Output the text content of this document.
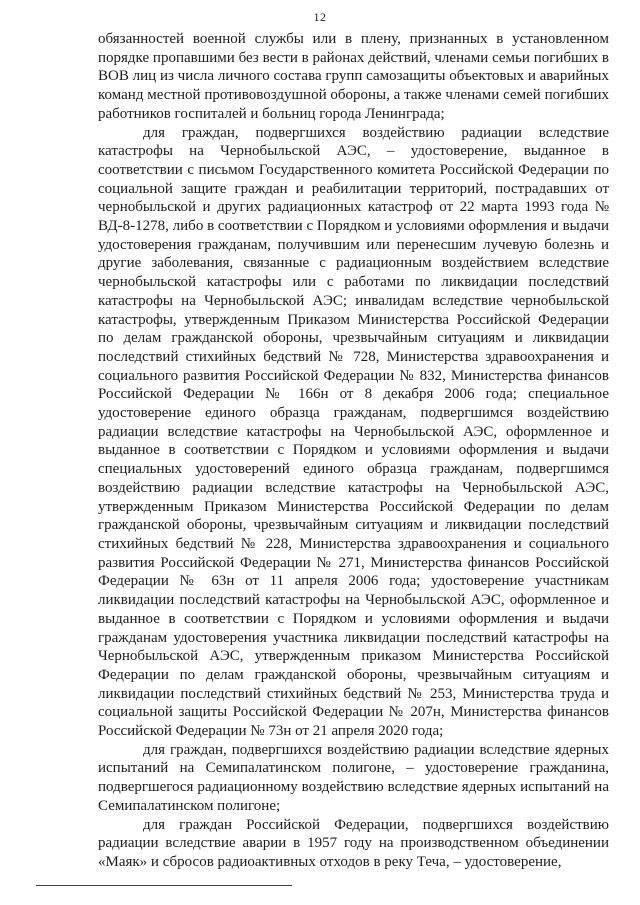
12

обязанностей военной службы или в плену, признанных в установленном порядке пропавшими без вести в районах действий, членами семьи погибших в ВОВ лиц из числа личного состава групп самозащиты объектовых и аварийных команд местной противовоздушной обороны, а также членами семей погибших работников госпиталей и больниц города Ленинграда;

для граждан, подвергшихся воздействию радиации вследствие катастрофы на Чернобыльской АЭС, – удостоверение, выданное в соответствии с письмом Государственного комитета Российской Федерации по социальной защите граждан и реабилитации территорий, пострадавших от чернобыльской и других радиационных катастроф от 22 марта 1993 года № ВД-8-1278, либо в соответствии с Порядком и условиями оформления и выдачи удостоверения гражданам, получившим или перенесшим лучевую болезнь и другие заболевания, связанные с радиационным воздействием вследствие чернобыльской катастрофы или с работами по ликвидации последствий катастрофы на Чернобыльской АЭС; инвалидам вследствие чернобыльской катастрофы, утвержденным Приказом Министерства Российской Федерации по делам гражданской обороны, чрезвычайным ситуациям и ликвидации последствий стихийных бедствий № 728, Министерства здравоохранения и социального развития Российской Федерации № 832, Министерства финансов Российской Федерации № 166н от 8 декабря 2006 года; специальное удостоверение единого образца гражданам, подвергшимся воздействию радиации вследствие катастрофы на Чернобыльской АЭС, оформленное и выданное в соответствии с Порядком и условиями оформления и выдачи специальных удостоверений единого образца гражданам, подвергшимся воздействию радиации вследствие катастрофы на Чернобыльской АЭС, утвержденным Приказом Министерства Российской Федерации по делам гражданской обороны, чрезвычайным ситуациям и ликвидации последствий стихийных бедствий № 228, Министерства здравоохранения и социального развития Российской Федерации № 271, Министерства финансов Российской Федерации № 63н от 11 апреля 2006 года; удостоверение участникам ликвидации последствий катастрофы на Чернобыльской АЭС, оформленное и выданное в соответствии с Порядком и условиями оформления и выдачи гражданам удостоверения участника ликвидации последствий катастрофы на Чернобыльской АЭС, утвержденным приказом Министерства Российской Федерации по делам гражданской обороны, чрезвычайным ситуациям и ликвидации последствий стихийных бедствий № 253, Министерства труда и социальной защиты Российской Федерации № 207н, Министерства финансов Российской Федерации № 73н от 21 апреля 2020 года;

для граждан, подвергшихся воздействию радиации вследствие ядерных испытаний на Семипалатинском полигоне, – удостоверение гражданина, подвергшегося радиационному воздействию вследствие ядерных испытаний на Семипалатинском полигоне;

для граждан Российской Федерации, подвергшихся воздействию радиации вследствие аварии в 1957 году на производственном объединении «Маяк» и сбросов радиоактивных отходов в реку Теча, – удостоверение,
